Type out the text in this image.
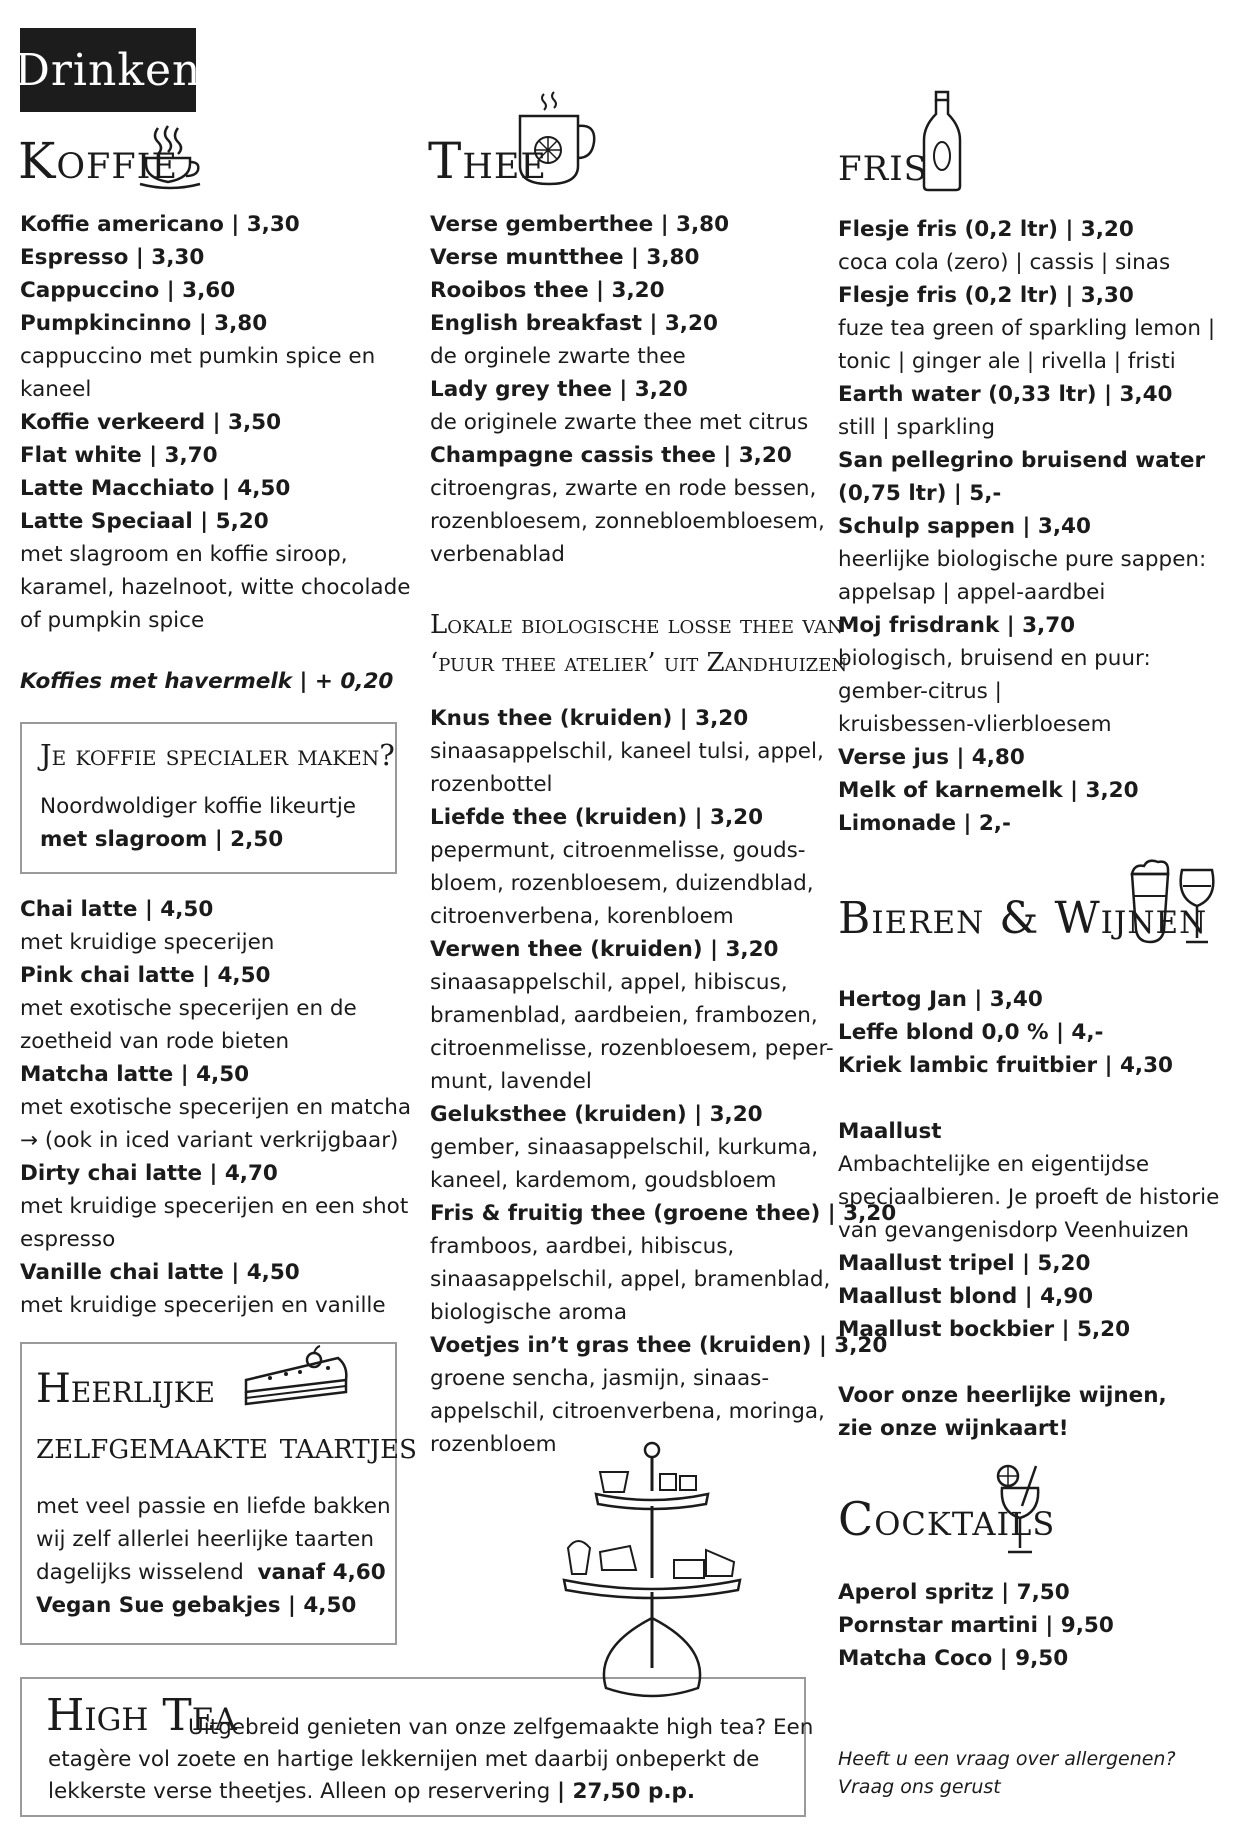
Drinken
Koffie
Koffie americano | 3,30
Espresso | 3,30
Cappuccino | 3,60
Pumpkincinno | 3,80
cappuccino met pumkin spice en
kaneel
Koffie verkeerd | 3,50
Flat white | 3,70
Latte Macchiato | 4,50
Latte Speciaal | 5,20
met slagroom en koffie siroop,
karamel, hazelnoot, witte chocolade
of pumpkin spice
Koffies met havermelk | + 0,20
Je koffie specialer maken?
Noordwoldiger koffie likeurtje
met slagroom | 2,50
Chai latte | 4,50
met kruidige specerijen
Pink chai latte | 4,50
met exotische specerijen en de
zoetheid van rode bieten
Matcha latte | 4,50
met exotische specerijen en matcha
→ (ook in iced variant verkrijgbaar)
Dirty chai latte | 4,70
met kruidige specerijen en een shot
espresso
Vanille chai latte | 4,50
met kruidige specerijen en vanille
Heerlijke
zelfgemaakte taartjes
met veel passie en liefde bakken
wij zelf allerlei heerlijke taarten
dagelijks wisselend vanaf 4,60
Vegan Sue gebakjes | 4,50
High Tea
Uitgebreid genieten van onze zelfgemaakte high tea? Een
etagère vol zoete en hartige lekkernijen met daarbij onbeperkt de
lekkerste verse theetjes. Alleen op reservering | 27,50 p.p.
Thee
Verse gemberthee | 3,80
Verse muntthee | 3,80
Rooibos thee | 3,20
English breakfast | 3,20
de orginele zwarte thee
Lady grey thee | 3,20
de originele zwarte thee met citrus
Champagne cassis thee | 3,20
citroengras, zwarte en rode bessen,
rozenbloesem, zonnebloembloesem,
verbenablad
Lokale biologische losse thee van
‘puur thee atelier’ uit Zandhuizen
Knus thee (kruiden) | 3,20
sinaasappelschil, kaneel tulsi, appel,
rozenbottel
Liefde thee (kruiden) | 3,20
pepermunt, citroenmelisse, gouds-
bloem, rozenbloesem, duizendblad,
citroenverbena, korenbloem
Verwen thee (kruiden) | 3,20
sinaasappelschil, appel, hibiscus,
bramenblad, aardbeien, frambozen,
citroenmelisse, rozenbloesem, peper-
munt, lavendel
Geluksthee (kruiden) | 3,20
gember, sinaasappelschil, kurkuma,
kaneel, kardemom, goudsbloem
Fris & fruitig thee (groene thee) | 3,20
framboos, aardbei, hibiscus,
sinaasappelschil, appel, bramenblad,
biologische aroma
Voetjes in’t gras thee (kruiden) | 3,20
groene sencha, jasmijn, sinaas-
appelschil, citroenverbena, moringa,
rozenbloem
fris
Flesje fris (0,2 ltr) | 3,20
coca cola (zero) | cassis | sinas
Flesje fris (0,2 ltr) | 3,30
fuze tea green of sparkling lemon |
tonic | ginger ale | rivella | fristi
Earth water (0,33 ltr) | 3,40
still | sparkling
San pellegrino bruisend water
(0,75 ltr) | 5,-
Schulp sappen | 3,40
heerlijke biologische pure sappen:
appelsap | appel-aardbei
Moj frisdrank | 3,70
biologisch, bruisend en puur:
gember-citrus |
kruisbessen-vlierbloesem
Verse jus | 4,80
Melk of karnemelk | 3,20
Limonade | 2,-
Bieren & Wijnen
Hertog Jan | 3,40
Leffe blond 0,0 % | 4,-
Kriek lambic fruitbier | 4,30

Maallust
Ambachtelijke en eigentijdse
speciaalbieren. Je proeft de historie
van gevangenisdorp Veenhuizen
Maallust tripel | 5,20
Maallust blond | 4,90
Maallust bockbier | 5,20

Voor onze heerlijke wijnen,
zie onze wijnkaart!
Cocktails
Aperol spritz | 7,50
Pornstar martini | 9,50
Matcha Coco | 9,50
Heeft u een vraag over allergenen?
Vraag ons gerust
